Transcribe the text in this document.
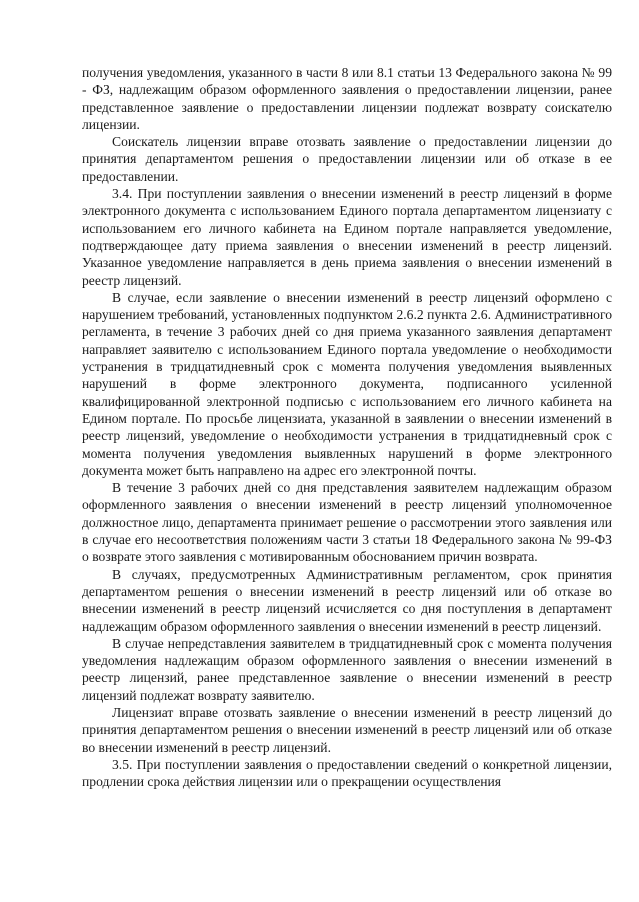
получения уведомления, указанного в части 8 или 8.1 статьи 13 Федерального закона № 99 - ФЗ, надлежащим образом оформленного заявления о предоставлении лицензии, ранее представленное заявление о предоставлении лицензии подлежат возврату соискателю лицензии.

Соискатель лицензии вправе отозвать заявление о предоставлении лицензии до принятия департаментом решения о предоставлении лицензии или об отказе в ее предоставлении.

3.4. При поступлении заявления о внесении изменений в реестр лицензий в форме электронного документа с использованием Единого портала департаментом лицензиату с использованием его личного кабинета на Едином портале направляется уведомление, подтверждающее дату приема заявления о внесении изменений в реестр лицензий. Указанное уведомление направляется в день приема заявления о внесении изменений в реестр лицензий.

В случае, если заявление о внесении изменений в реестр лицензий оформлено с нарушением требований, установленных подпунктом 2.6.2 пункта 2.6. Административного регламента, в течение 3 рабочих дней со дня приема указанного заявления департамент направляет заявителю с использованием Единого портала уведомление о необходимости устранения в тридцатидневный срок с момента получения уведомления выявленных нарушений в форме электронного документа, подписанного усиленной квалифицированной электронной подписью с использованием его личного кабинета на Едином портале. По просьбе лицензиата, указанной в заявлении о внесении изменений в реестр лицензий, уведомление о необходимости устранения в тридцатидневный срок с момента получения уведомления выявленных нарушений в форме электронного документа может быть направлено на адрес его электронной почты.

В течение 3 рабочих дней со дня представления заявителем надлежащим образом оформленного заявления о внесении изменений в реестр лицензий уполномоченное должностное лицо, департамента принимает решение о рассмотрении этого заявления или в случае его несоответствия положениям части 3 статьи 18 Федерального закона № 99-ФЗ о возврате этого заявления с мотивированным обоснованием причин возврата.

В случаях, предусмотренных Административным регламентом, срок принятия департаментом решения о внесении изменений в реестр лицензий или об отказе во внесении изменений в реестр лицензий исчисляется со дня поступления в департамент надлежащим образом оформленного заявления о внесении изменений в реестр лицензий.

В случае непредставления заявителем в тридцатидневный срок с момента получения уведомления надлежащим образом оформленного заявления о внесении изменений в реестр лицензий, ранее представленное заявление о внесении изменений в реестр лицензий подлежат возврату заявителю.

Лицензиат вправе отозвать заявление о внесении изменений в реестр лицензий до принятия департаментом решения о внесении изменений в реестр лицензий или об отказе во внесении изменений в реестр лицензий.

3.5. При поступлении заявления о предоставлении сведений о конкретной лицензии, продлении срока действия лицензии или о прекращении осуществления
